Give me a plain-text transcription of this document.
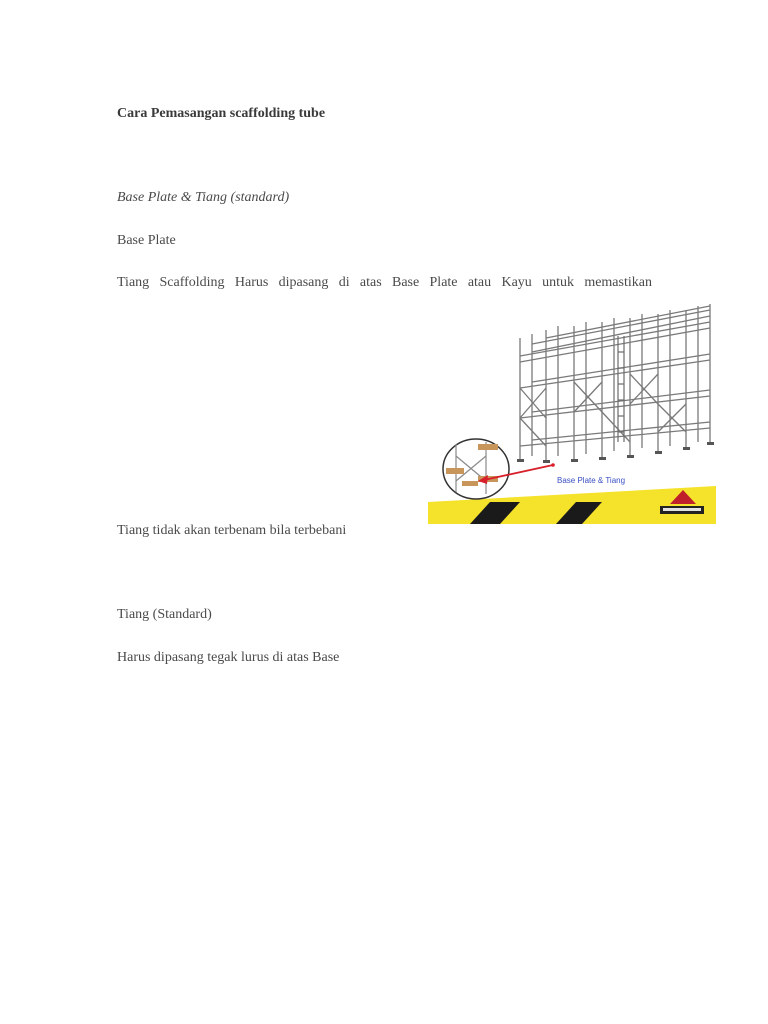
Cara Pemasangan scaffolding tube
Base Plate & Tiang (standard)
Base Plate
Tiang Scaffolding Harus dipasang di atas Base Plate atau Kayu untuk memastikan
Base Plate & Tiang
Tiang tidak akan terbenam bila terbebani
Tiang (Standard)
Harus dipasang tegak lurus di atas Base
